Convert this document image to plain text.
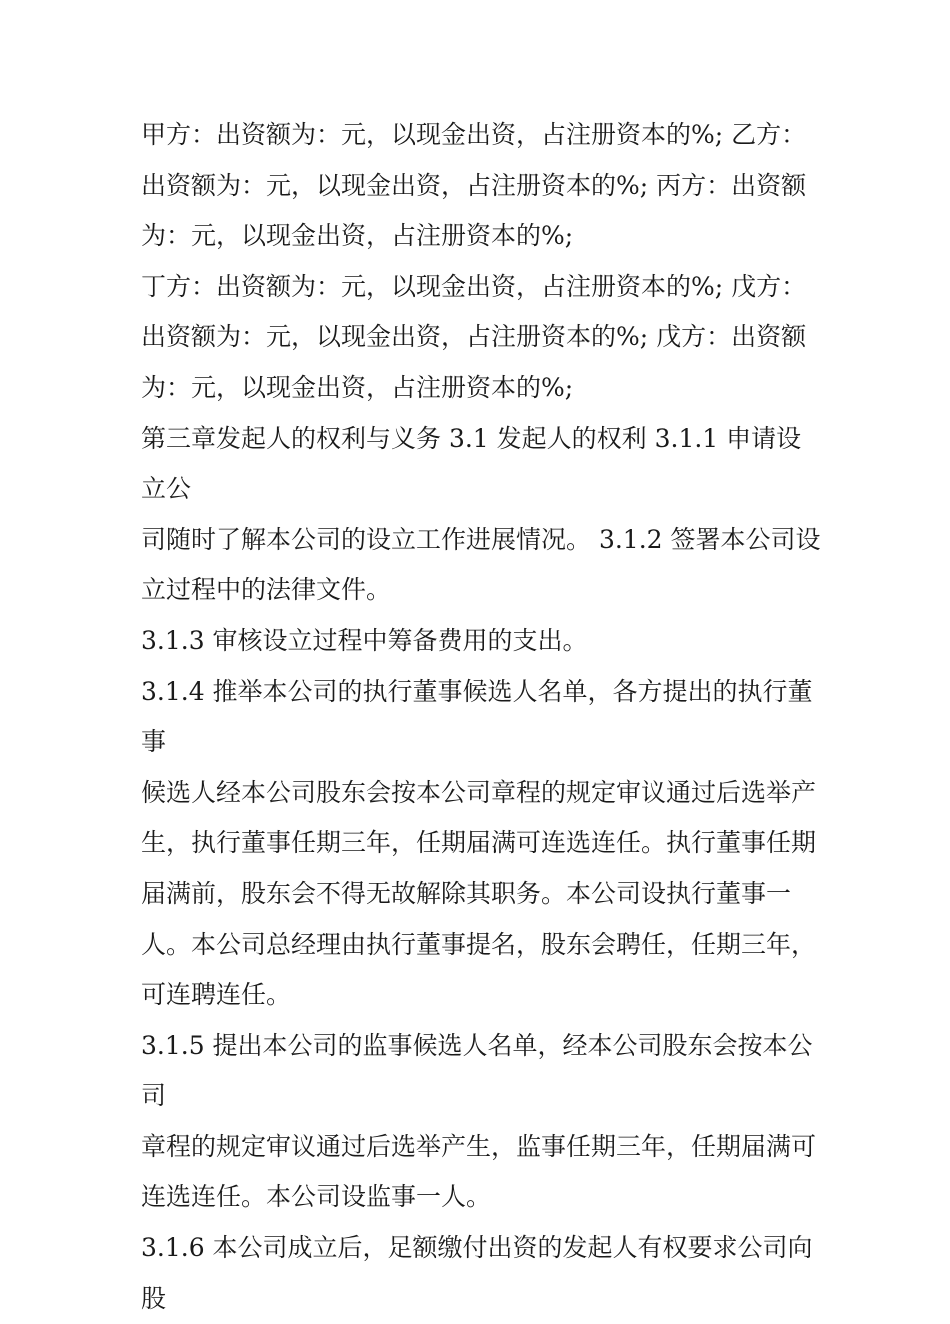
甲方：出资额为：元，以现金出资，占注册资本的%; 乙方：

出资额为：元，以现金出资，占注册资本的%; 丙方：出资额

为：元，以现金出资，占注册资本的%;

丁方：出资额为：元，以现金出资，占注册资本的%; 戊方：

出资额为：元，以现金出资，占注册资本的%; 戊方：出资额

为：元，以现金出资，占注册资本的%;

第三章发起人的权利与义务 3.1 发起人的权利 3.1.1 申请设立公

司随时了解本公司的设立工作进展情况。 3.1.2 签署本公司设

立过程中的法律文件。

3.1.3 审核设立过程中筹备费用的支出。

3.1.4 推举本公司的执行董事候选人名单，各方提出的执行董事

候选人经本公司股东会按本公司章程的规定审议通过后选举产

生，执行董事任期三年，任期届满可连选连任。执行董事任期

届满前，股东会不得无故解除其职务。本公司设执行董事一

人。本公司总经理由执行董事提名，股东会聘任，任期三年，

可连聘连任。

3.1.5 提出本公司的监事候选人名单，经本公司股东会按本公司

章程的规定审议通过后选举产生，监事任期三年，任期届满可

连选连任。本公司设监事一人。

3.1.6 本公司成立后，足额缴付出资的发起人有权要求公司向股
